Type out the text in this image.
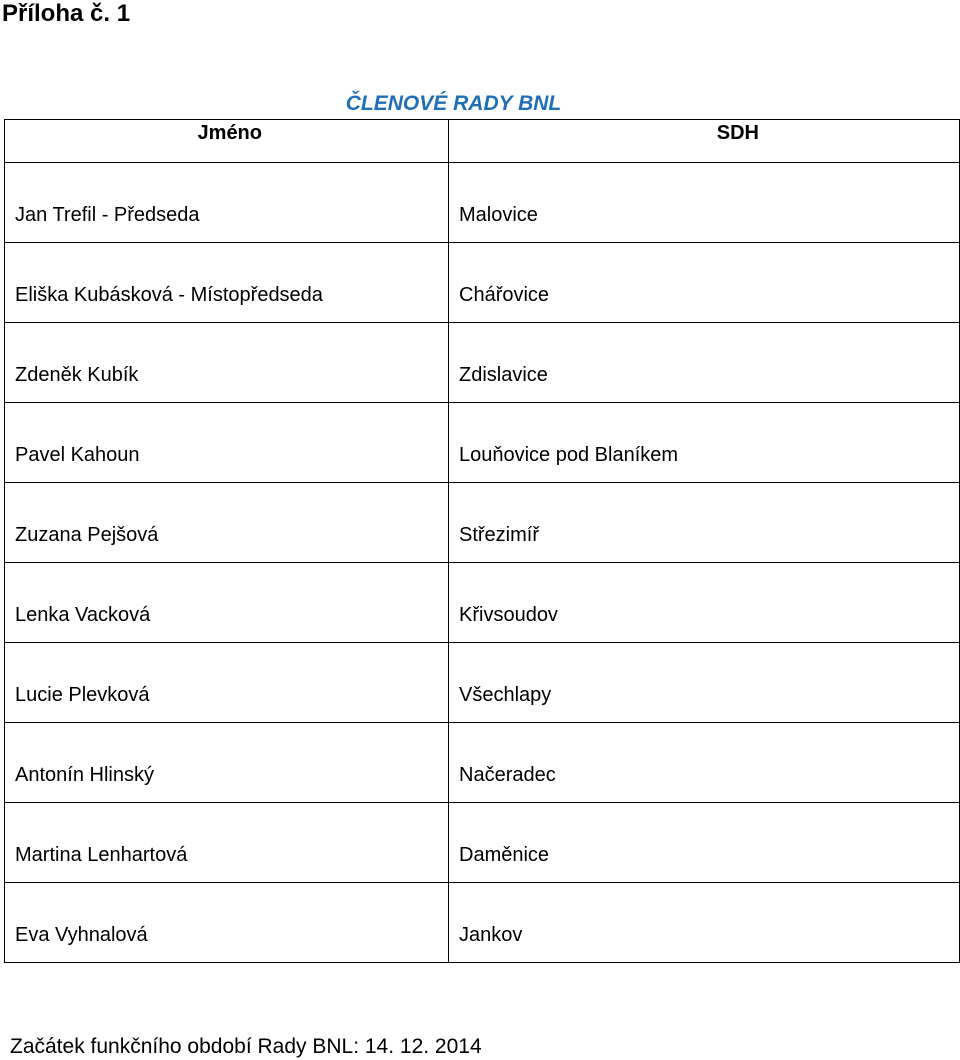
Příloha č. 1
ČLENOVÉ RADY BNL
Jméno	SDH
Jan Trefil - Předseda	Malovice
Eliška Kubásková - Místopředseda	Chářovice
Zdeněk Kubík	Zdislavice
Pavel Kahoun	Louňovice pod Blaníkem
Zuzana Pejšová	Střezimíř
Lenka Vacková	Křivsoudov
Lucie Plevková	Všechlapy
Antonín Hlinský	Načeradec
Martina Lenhartová	Daměnice
Eva Vyhnalová	Jankov
Začátek funkčního období Rady BNL: 14. 12. 2014
